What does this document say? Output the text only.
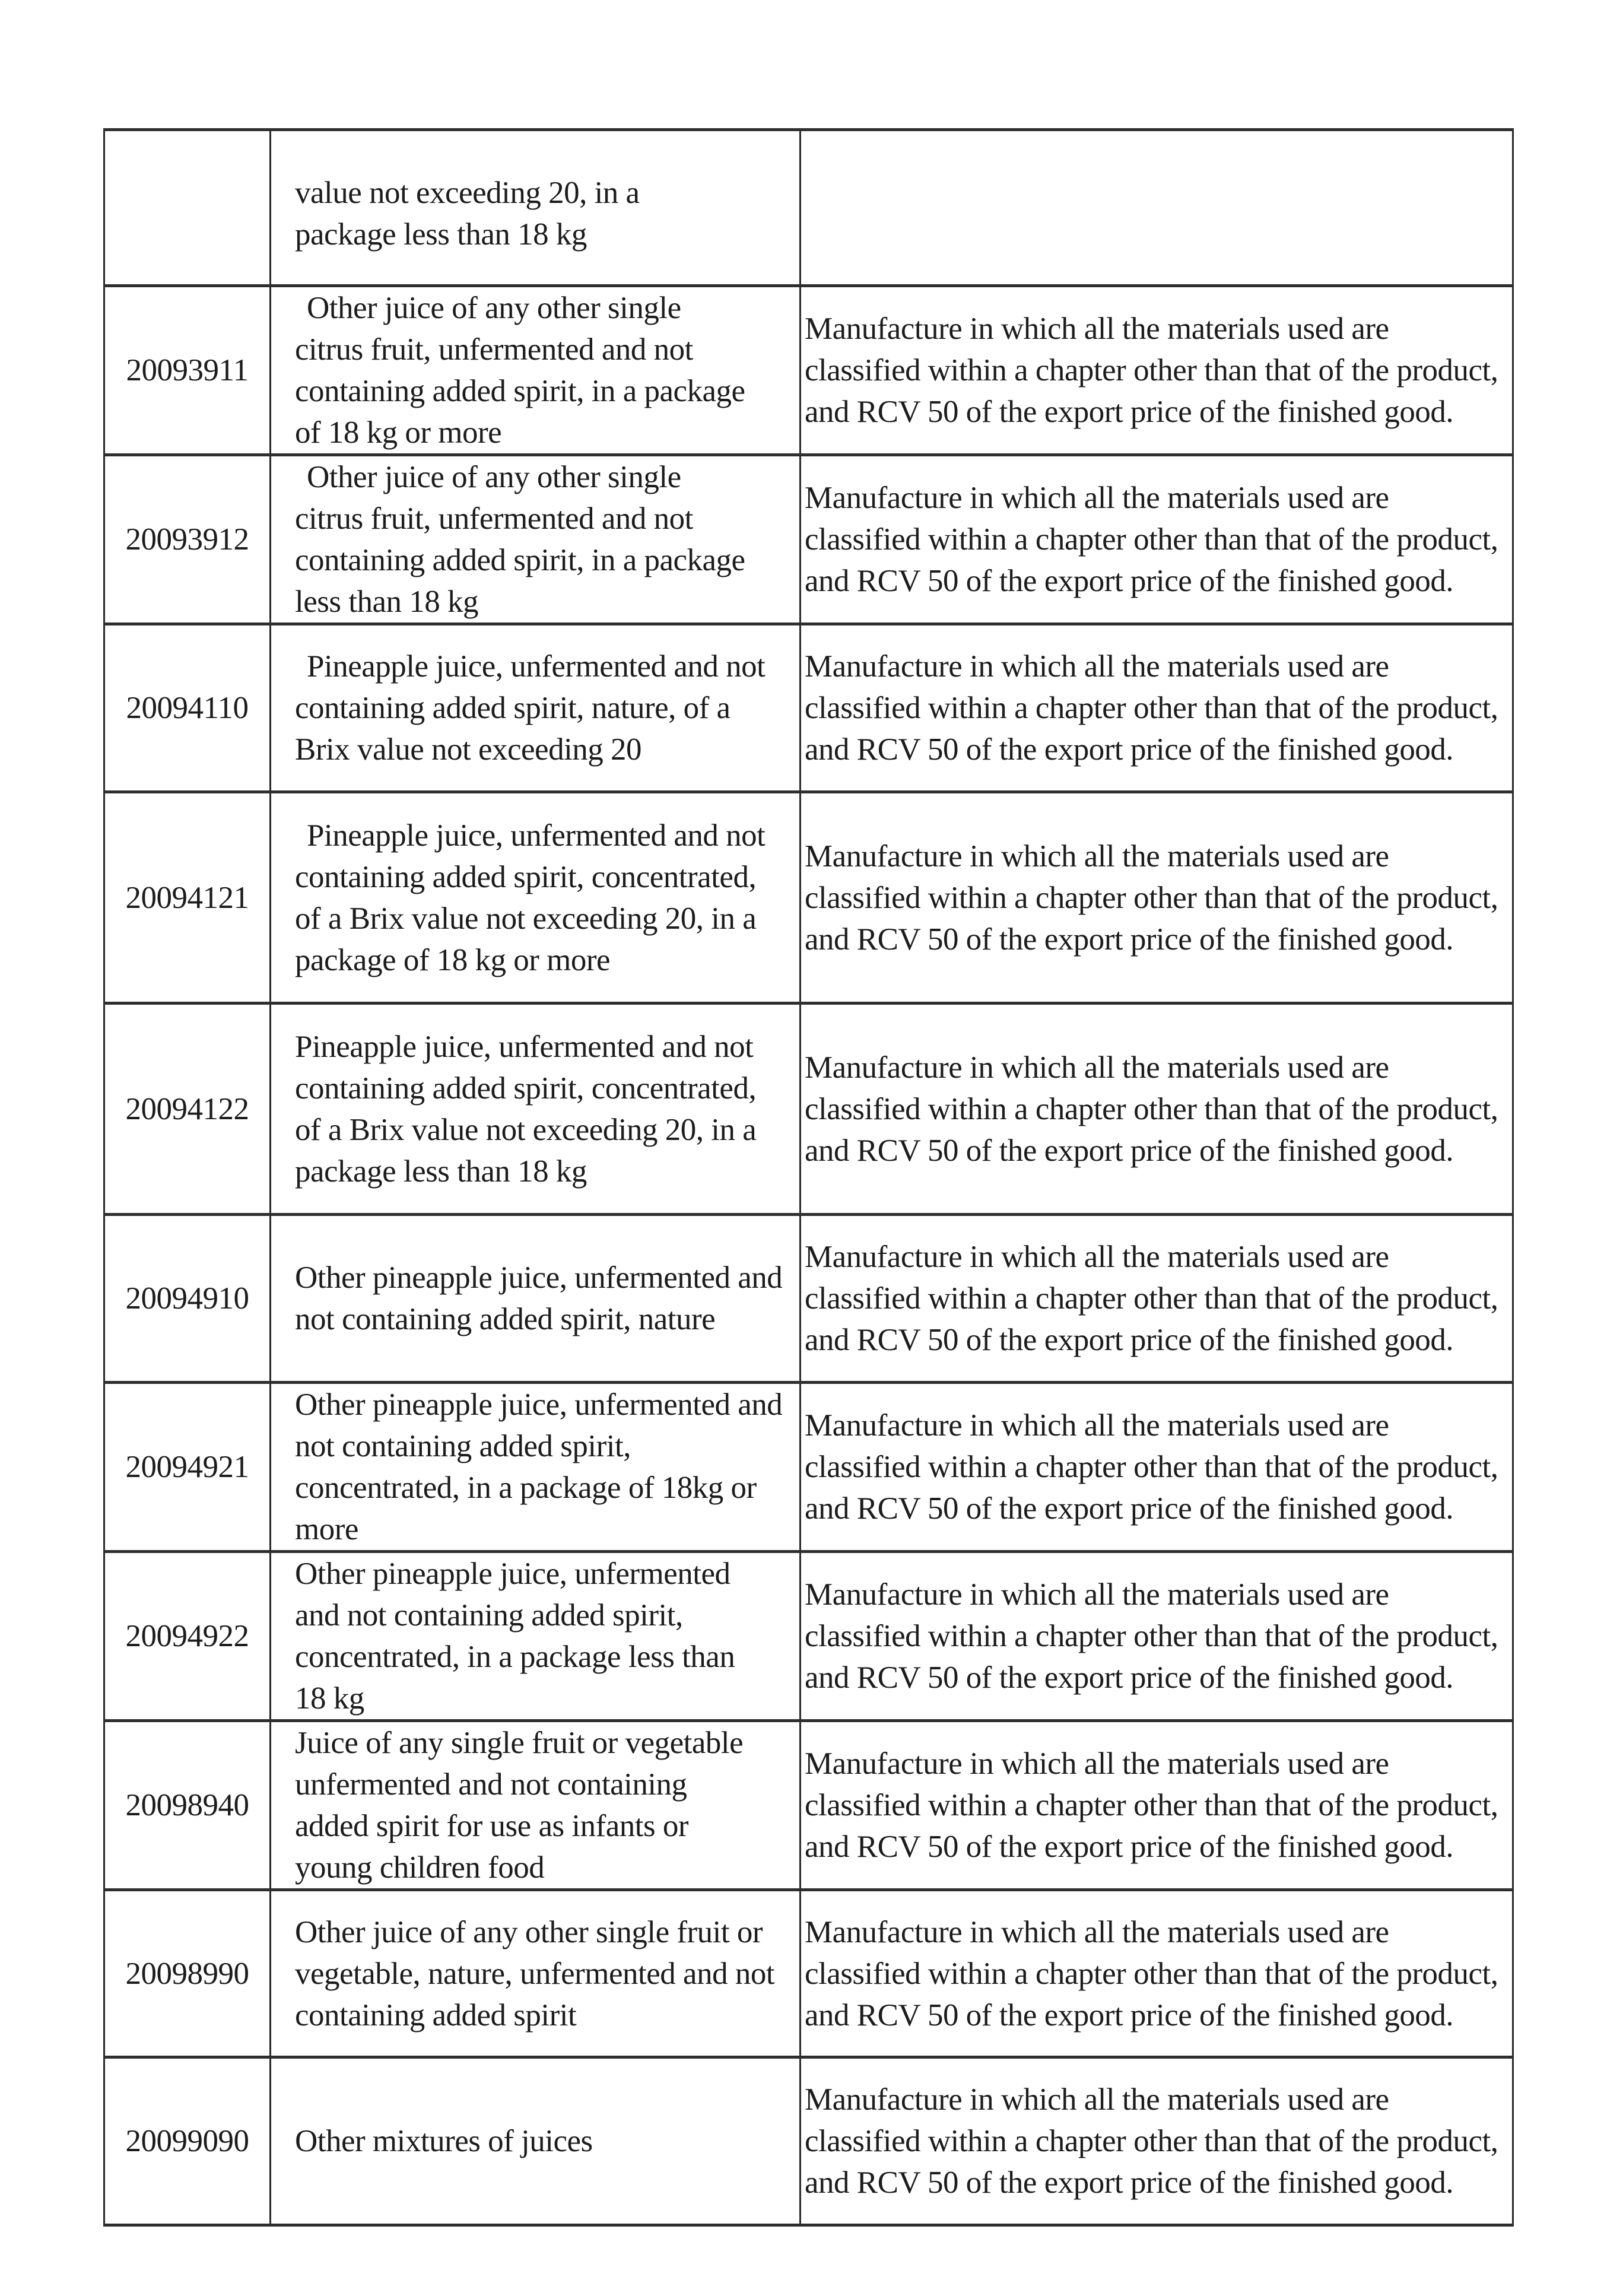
	value not exceeding 20, in a package less than 18 kg	

20093911	Other juice of any other single citrus fruit, unfermented and not containing added spirit, in a package of 18 kg or more	Manufacture in which all the materials used are classified within a chapter other than that of the product, and RCV 50 of the export price of the finished good.

20093912	Other juice of any other single citrus fruit, unfermented and not containing added spirit, in a package less than 18 kg	Manufacture in which all the materials used are classified within a chapter other than that of the product, and RCV 50 of the export price of the finished good.

20094110	Pineapple juice, unfermented and not containing added spirit, nature, of a Brix value not exceeding 20	Manufacture in which all the materials used are classified within a chapter other than that of the product, and RCV 50 of the export price of the finished good.

20094121	Pineapple juice, unfermented and not containing added spirit, concentrated, of a Brix value not exceeding 20, in a package of 18 kg or more	Manufacture in which all the materials used are classified within a chapter other than that of the product, and RCV 50 of the export price of the finished good.

20094122	Pineapple juice, unfermented and not containing added spirit, concentrated, of a Brix value not exceeding 20, in a package less than 18 kg	Manufacture in which all the materials used are classified within a chapter other than that of the product, and RCV 50 of the export price of the finished good.

20094910	Other pineapple juice, unfermented and not containing added spirit, nature	Manufacture in which all the materials used are classified within a chapter other than that of the product, and RCV 50 of the export price of the finished good.

20094921	Other pineapple juice, unfermented and not containing added spirit, concentrated, in a package of 18kg or more	Manufacture in which all the materials used are classified within a chapter other than that of the product, and RCV 50 of the export price of the finished good.

20094922	Other pineapple juice, unfermented and not containing added spirit, concentrated, in a package less than 18 kg	Manufacture in which all the materials used are classified within a chapter other than that of the product, and RCV 50 of the export price of the finished good.

20098940	Juice of any single fruit or vegetable unfermented and not containing added spirit for use as infants or young children food	Manufacture in which all the materials used are classified within a chapter other than that of the product, and RCV 50 of the export price of the finished good.

20098990	Other juice of any other single fruit or vegetable, nature, unfermented and not containing added spirit	Manufacture in which all the materials used are classified within a chapter other than that of the product, and RCV 50 of the export price of the finished good.

20099090	Other mixtures of juices	Manufacture in which all the materials used are classified within a chapter other than that of the product, and RCV 50 of the export price of the finished good.
